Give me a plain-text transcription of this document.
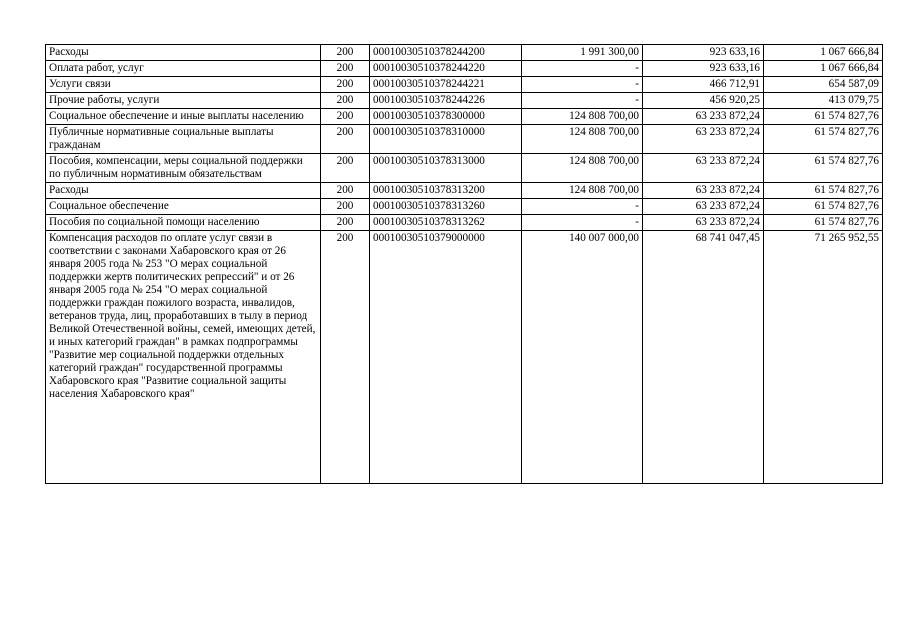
Расходы	200	00010030510378244200	1 991 300,00	923 633,16	1 067 666,84
Оплата работ, услуг	200	00010030510378244220	-	923 633,16	1 067 666,84
Услуги связи	200	00010030510378244221	-	466 712,91	654 587,09
Прочие работы, услуги	200	00010030510378244226	-	456 920,25	413 079,75
Социальное обеспечение и иные выплаты населению	200	00010030510378300000	124 808 700,00	63 233 872,24	61 574 827,76
Публичные нормативные социальные выплаты гражданам	200	00010030510378310000	124 808 700,00	63 233 872,24	61 574 827,76
Пособия, компенсации, меры социальной поддержки по публичным нормативным обязательствам	200	00010030510378313000	124 808 700,00	63 233 872,24	61 574 827,76
Расходы	200	00010030510378313200	124 808 700,00	63 233 872,24	61 574 827,76
Социальное обеспечение	200	00010030510378313260	-	63 233 872,24	61 574 827,76
Пособия по социальной помощи населению	200	00010030510378313262	-	63 233 872,24	61 574 827,76
Компенсация расходов по оплате услуг связи в соответствии с законами Хабаровского края от 26 января 2005 года № 253 "О мерах социальной поддержки жертв политических репрессий" и от 26 января 2005 года № 254 "О мерах социальной поддержки граждан пожилого возраста, инвалидов, ветеранов труда, лиц, проработавших в тылу в период Великой Отечественной войны, семей, имеющих детей, и иных категорий граждан" в рамках подпрограммы "Развитие мер социальной поддержки отдельных категорий граждан" государственной программы Хабаровского края "Развитие социальной защиты населения Хабаровского края"	200	00010030510379000000	140 007 000,00	68 741 047,45	71 265 952,55
